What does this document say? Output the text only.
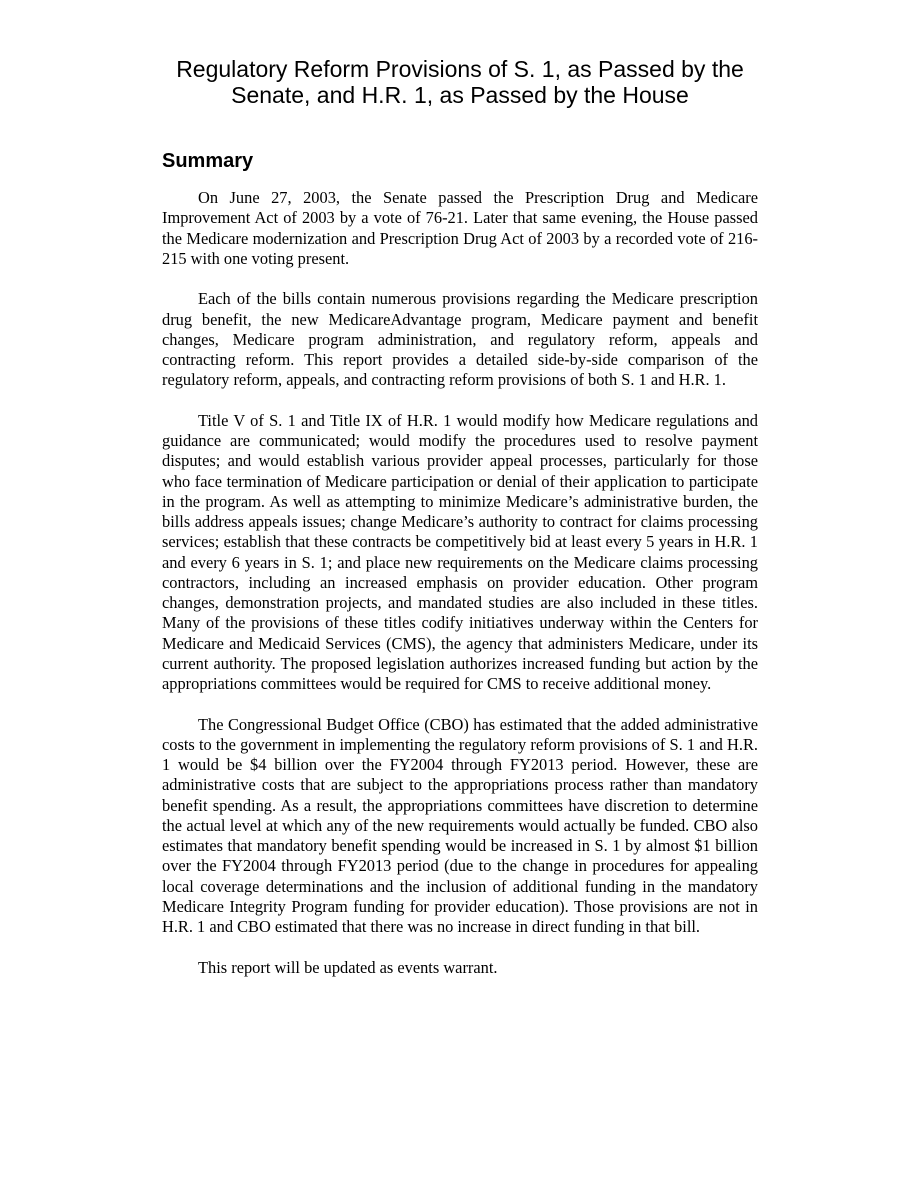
Regulatory Reform Provisions of S. 1, as Passed by the
Senate, and H.R. 1, as Passed by the House
Summary

On June 27, 2003, the Senate passed the Prescription Drug and Medicare Improvement Act of 2003 by a vote of 76-21. Later that same evening, the House passed the Medicare modernization and Prescription Drug Act of 2003 by a recorded vote of 216-215 with one voting present.

Each of the bills contain numerous provisions regarding the Medicare prescription drug benefit, the new MedicareAdvantage program, Medicare payment and benefit changes, Medicare program administration, and regulatory reform, appeals and contracting reform. This report provides a detailed side-by-side comparison of the regulatory reform, appeals, and contracting reform provisions of both S. 1 and H.R. 1.

Title V of S. 1 and Title IX of H.R. 1 would modify how Medicare regulations and guidance are communicated; would modify the procedures used to resolve payment disputes; and would establish various provider appeal processes, particularly for those who face termination of Medicare participation or denial of their application to participate in the program. As well as attempting to minimize Medicare’s administrative burden, the bills address appeals issues; change Medicare’s authority to contract for claims processing services; establish that these contracts be competitively bid at least every 5 years in H.R. 1 and every 6 years in S. 1; and place new requirements on the Medicare claims processing contractors, including an increased emphasis on provider education. Other program changes, demonstration projects, and mandated studies are also included in these titles. Many of the provisions of these titles codify initiatives underway within the Centers for Medicare and Medicaid Services (CMS), the agency that administers Medicare, under its current authority. The proposed legislation authorizes increased funding but action by the appropriations committees would be required for CMS to receive additional money.

The Congressional Budget Office (CBO) has estimated that the added administrative costs to the government in implementing the regulatory reform provisions of S. 1 and H.R. 1 would be $4 billion over the FY2004 through FY2013 period. However, these are administrative costs that are subject to the appropriations process rather than mandatory benefit spending. As a result, the appropriations committees have discretion to determine the actual level at which any of the new requirements would actually be funded. CBO also estimates that mandatory benefit spending would be increased in S. 1 by almost $1 billion over the FY2004 through FY2013 period (due to the change in procedures for appealing local coverage determinations and the inclusion of additional funding in the mandatory Medicare Integrity Program funding for provider education). Those provisions are not in H.R. 1 and CBO estimated that there was no increase in direct funding in that bill.

This report will be updated as events warrant.
